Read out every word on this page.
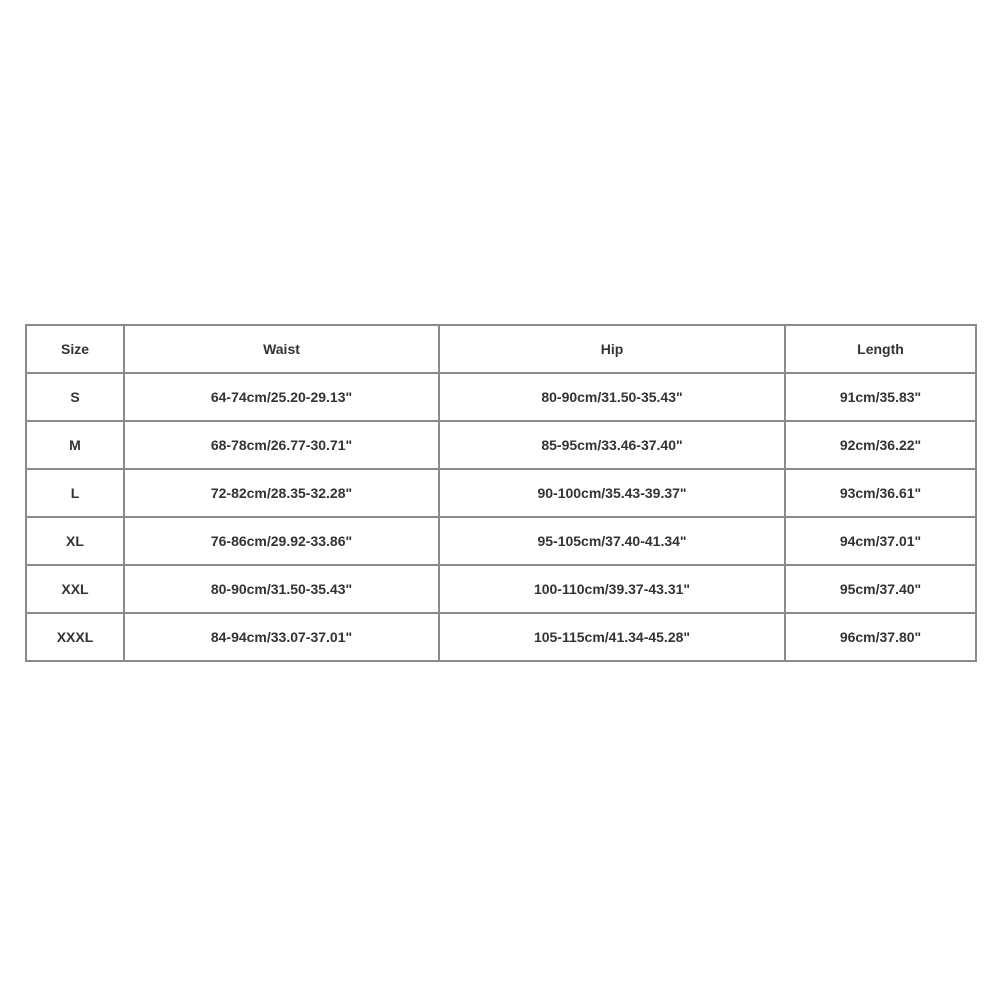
Size	Waist	Hip	Length
S	64-74cm/25.20-29.13"	80-90cm/31.50-35.43"	91cm/35.83"
M	68-78cm/26.77-30.71"	85-95cm/33.46-37.40"	92cm/36.22"
L	72-82cm/28.35-32.28"	90-100cm/35.43-39.37"	93cm/36.61"
XL	76-86cm/29.92-33.86"	95-105cm/37.40-41.34"	94cm/37.01"
XXL	80-90cm/31.50-35.43"	100-110cm/39.37-43.31"	95cm/37.40"
XXXL	84-94cm/33.07-37.01"	105-115cm/41.34-45.28"	96cm/37.80"
